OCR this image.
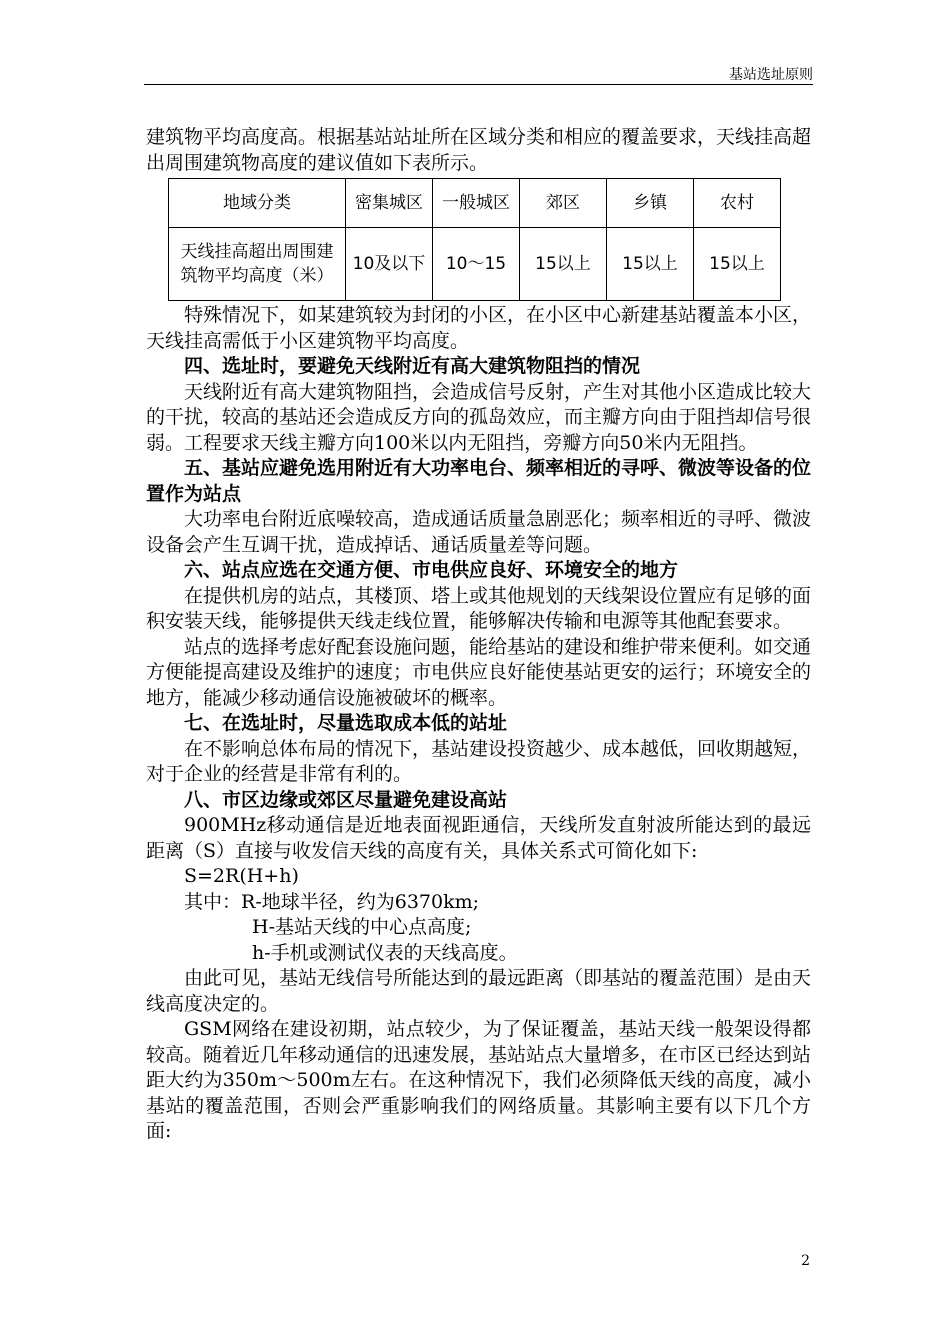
基站选址原则

建筑物平均高度高。根据基站站址所在区域分类和相应的覆盖要求，天线挂高超出周围建筑物高度的建议值如下表所示。

地域分类	密集城区	一般城区	郊区	乡镇	农村
天线挂高超出周围建筑物平均高度（米）	10及以下	10～15	15以上	15以上	15以上

特殊情况下，如某建筑较为封闭的小区，在小区中心新建基站覆盖本小区，天线挂高需低于小区建筑物平均高度。

四、选址时，要避免天线附近有高大建筑物阻挡的情况

天线附近有高大建筑物阻挡，会造成信号反射，产生对其他小区造成比较大的干扰，较高的基站还会造成反方向的孤岛效应，而主瓣方向由于阻挡却信号很弱。工程要求天线主瓣方向100米以内无阻挡，旁瓣方向50米内无阻挡。

五、基站应避免选用附近有大功率电台、频率相近的寻呼、微波等设备的位置作为站点

大功率电台附近底噪较高，造成通话质量急剧恶化；频率相近的寻呼、微波设备会产生互调干扰，造成掉话、通话质量差等问题。

六、站点应选在交通方便、市电供应良好、环境安全的地方

在提供机房的站点，其楼顶、塔上或其他规划的天线架设位置应有足够的面积安装天线，能够提供天线走线位置，能够解决传输和电源等其他配套要求。

站点的选择考虑好配套设施问题，能给基站的建设和维护带来便利。如交通方便能提高建设及维护的速度；市电供应良好能使基站更安的运行；环境安全的地方，能减少移动通信设施被破坏的概率。

七、在选址时，尽量选取成本低的站址

在不影响总体布局的情况下，基站建设投资越少、成本越低，回收期越短，对于企业的经营是非常有利的。

八、市区边缘或郊区尽量避免建设高站

900MHz移动通信是近地表面视距通信，天线所发直射波所能达到的最远距离（S）直接与收发信天线的高度有关，具体关系式可简化如下:

S=2R(H+h)

其中：R-地球半径，约为6370km;

H-基站天线的中心点高度;

h-手机或测试仪表的天线高度。

由此可见，基站无线信号所能达到的最远距离（即基站的覆盖范围）是由天线高度决定的。

GSM网络在建设初期，站点较少，为了保证覆盖，基站天线一般架设得都较高。随着近几年移动通信的迅速发展，基站站点大量增多，在市区已经达到站距大约为350m～500m左右。在这种情况下，我们必须降低天线的高度，减小基站的覆盖范围，否则会严重影响我们的网络质量。其影响主要有以下几个方面:

2
